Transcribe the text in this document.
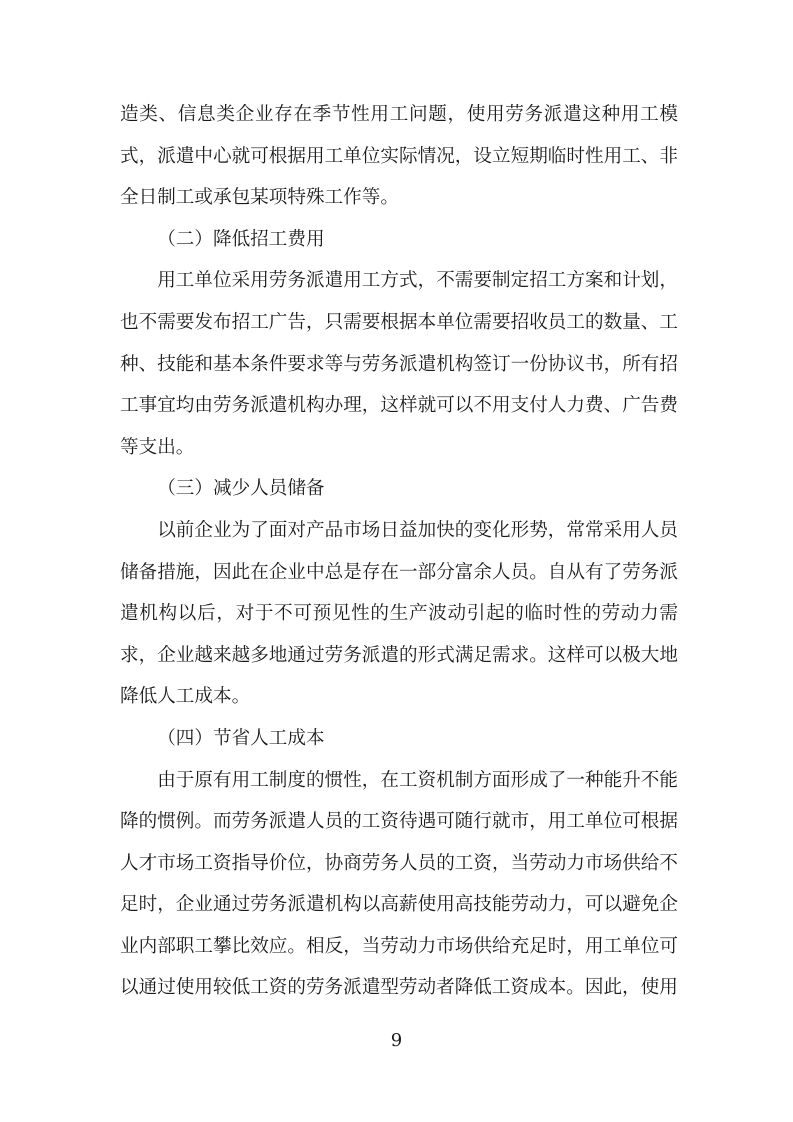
造类、信息类企业存在季节性用工问题，使用劳务派遣这种用工模式，派遣中心就可根据用工单位实际情况，设立短期临时性用工、非全日制工或承包某项特殊工作等。

（二）降低招工费用

用工单位采用劳务派遣用工方式，不需要制定招工方案和计划，也不需要发布招工广告，只需要根据本单位需要招收员工的数量、工种、技能和基本条件要求等与劳务派遣机构签订一份协议书，所有招工事宜均由劳务派遣机构办理，这样就可以不用支付人力费、广告费等支出。

（三）减少人员储备

以前企业为了面对产品市场日益加快的变化形势，常常采用人员储备措施，因此在企业中总是存在一部分富余人员。自从有了劳务派遣机构以后，对于不可预见性的生产波动引起的临时性的劳动力需求，企业越来越多地通过劳务派遣的形式满足需求。这样可以极大地降低人工成本。

（四）节省人工成本

由于原有用工制度的惯性，在工资机制方面形成了一种能升不能降的惯例。而劳务派遣人员的工资待遇可随行就市，用工单位可根据人才市场工资指导价位，协商劳务人员的工资，当劳动力市场供给不足时，企业通过劳务派遣机构以高薪使用高技能劳动力，可以避免企业内部职工攀比效应。相反，当劳动力市场供给充足时，用工单位可以通过使用较低工资的劳务派遣型劳动者降低工资成本。因此，使用

9
